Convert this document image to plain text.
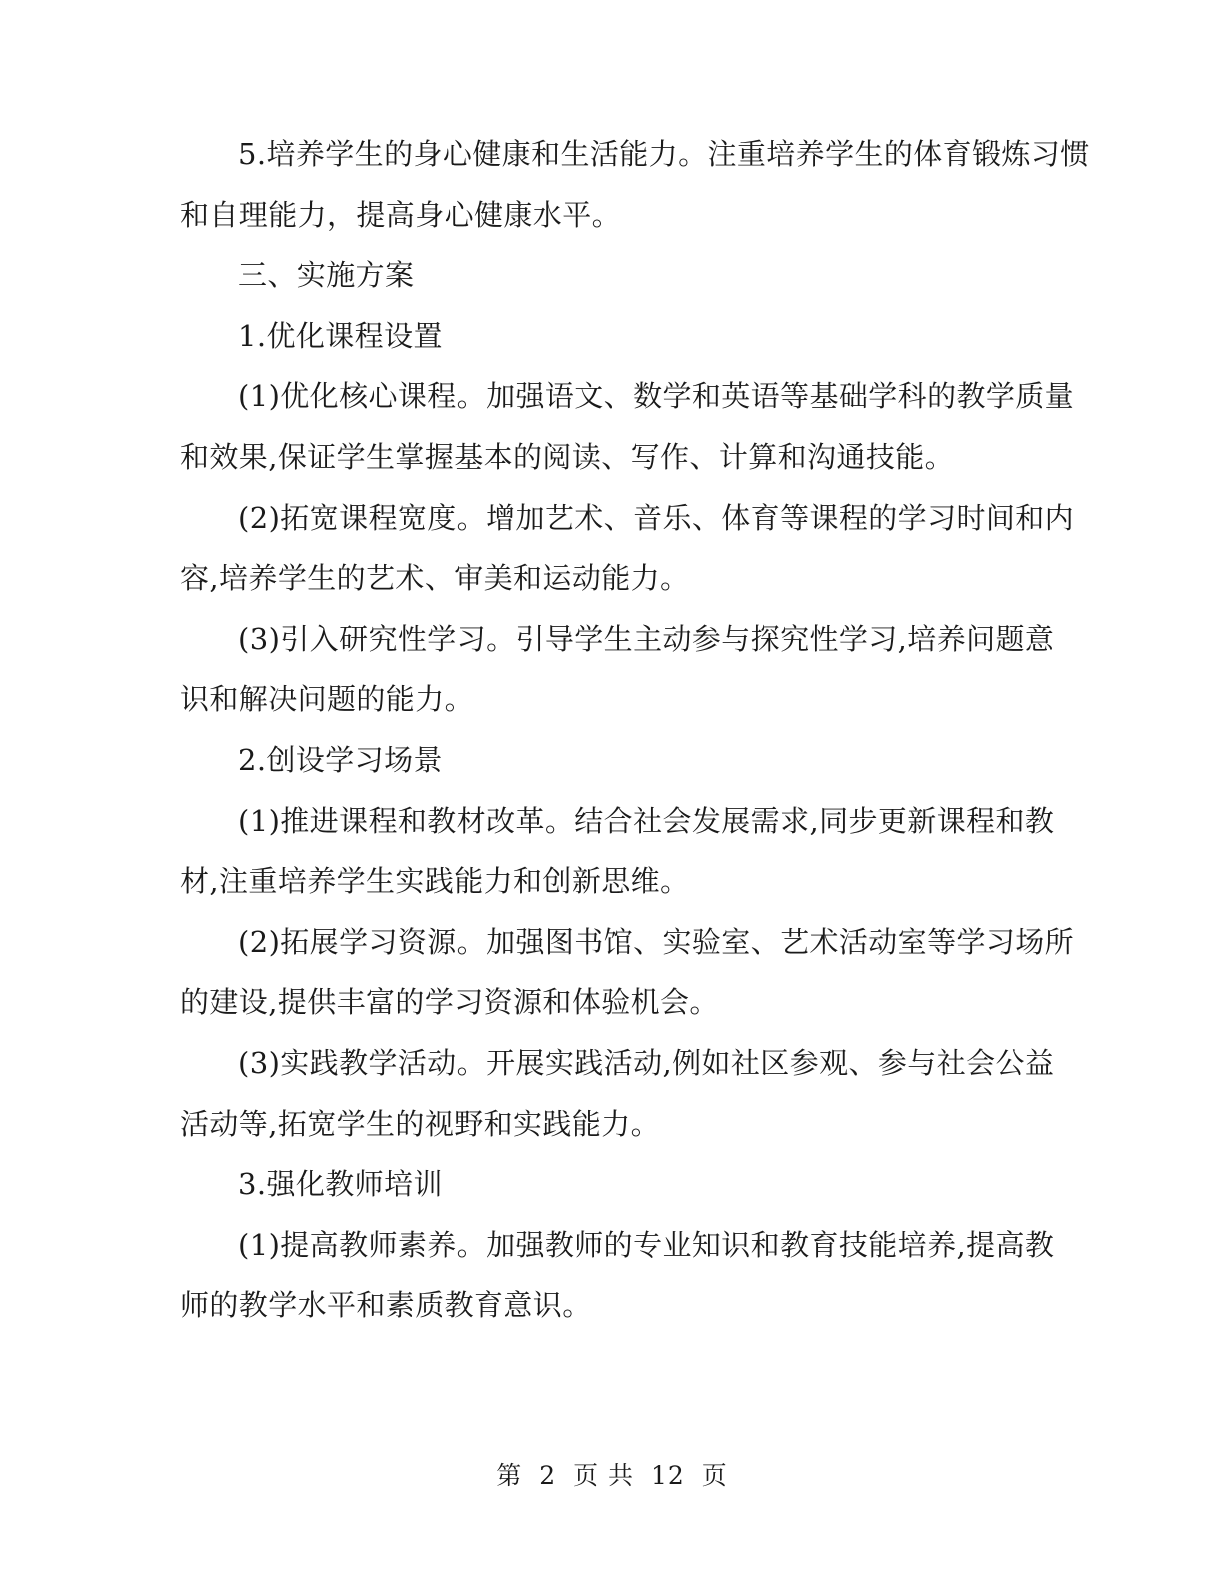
5.培养学生的身心健康和生活能力。注重培养学生的体育锻炼习惯
和自理能力，提高身心健康水平。
三、实施方案
1.优化课程设置
(1)优化核心课程。加强语文、数学和英语等基础学科的教学质量
和效果,保证学生掌握基本的阅读、写作、计算和沟通技能。
(2)拓宽课程宽度。增加艺术、音乐、体育等课程的学习时间和内
容,培养学生的艺术、审美和运动能力。
(3)引入研究性学习。引导学生主动参与探究性学习,培养问题意
识和解决问题的能力。
2.创设学习场景
(1)推进课程和教材改革。结合社会发展需求,同步更新课程和教
材,注重培养学生实践能力和创新思维。
(2)拓展学习资源。加强图书馆、实验室、艺术活动室等学习场所
的建设,提供丰富的学习资源和体验机会。
(3)实践教学活动。开展实践活动,例如社区参观、参与社会公益
活动等,拓宽学生的视野和实践能力。
3.强化教师培训
(1)提高教师素养。加强教师的专业知识和教育技能培养,提高教
师的教学水平和素质教育意识。
第 2 页 共 12 页
